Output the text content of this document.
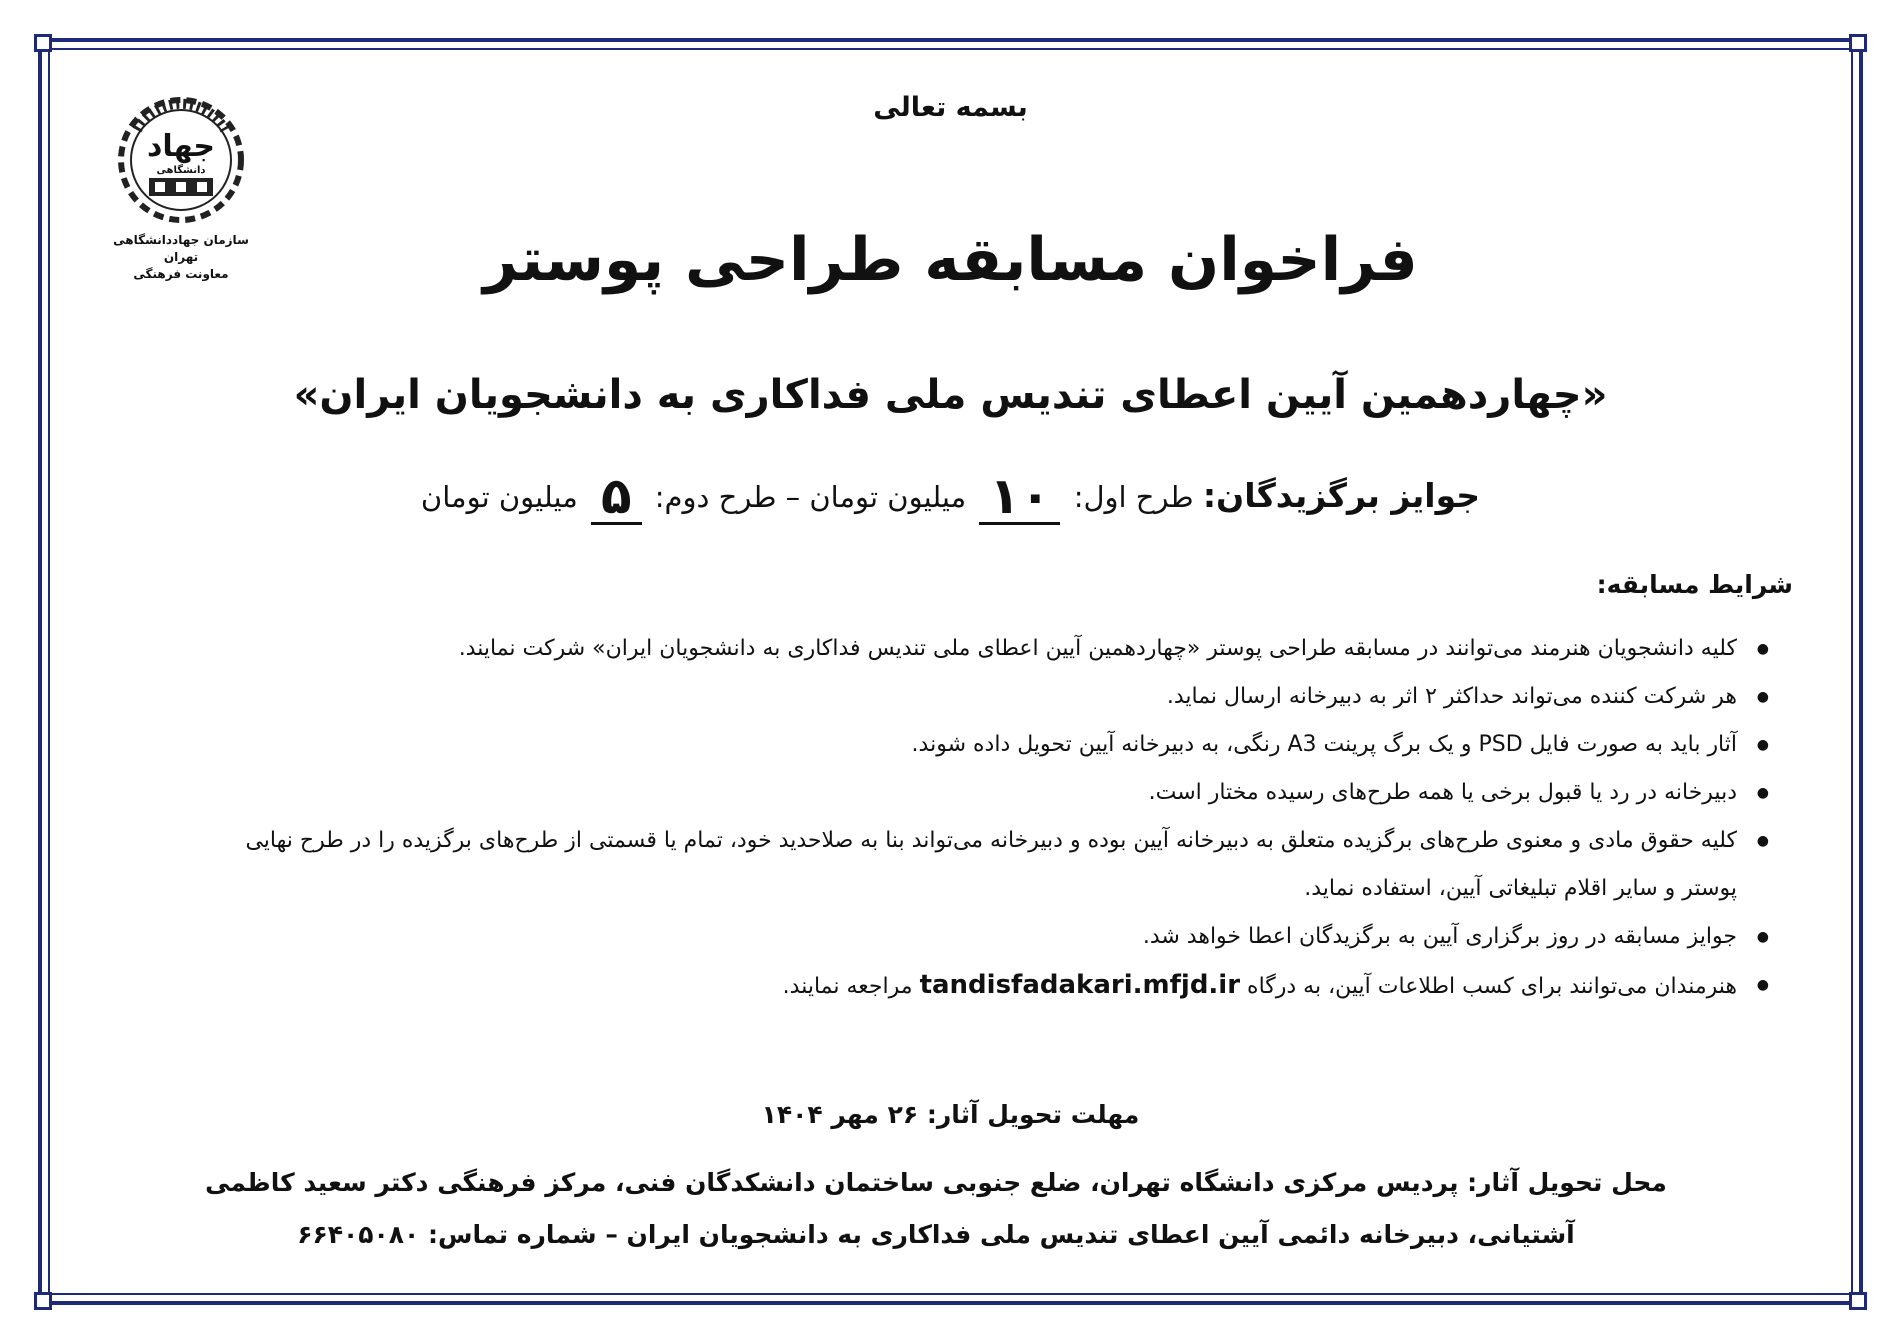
جهاد
دانشگاهی
سازمان جهاددانشگاهی تهران
معاونت فرهنگی
بسمه تعالی
فراخوان مسابقه طراحی پوستر
«چهاردهمین آیین اعطای تندیس ملی فداکاری به دانشجویان ایران»
جوایز برگزیدگان: طرح اول: ۱۰ میلیون تومان – طرح دوم: ۵ میلیون تومان
شرایط مسابقه:
● کلیه دانشجویان هنرمند می‌توانند در مسابقه طراحی پوستر «چهاردهمین آیین اعطای ملی تندیس فداکاری به دانشجویان ایران» شرکت نمایند.
● هر شرکت کننده می‌تواند حداکثر ۲ اثر به دبیرخانه ارسال نماید.
● آثار باید به صورت فایل PSD و یک برگ پرینت A3 رنگی، به دبیرخانه آیین تحویل داده شوند.
● دبیرخانه در رد یا قبول برخی یا همه طرح‌های رسیده مختار است.
● کلیه حقوق مادی و معنوی طرح‌های برگزیده متعلق به دبیرخانه آیین بوده و دبیرخانه می‌تواند بنا به صلاحدید خود، تمام یا قسمتی از طرح‌های برگزیده را در طرح نهایی پوستر و سایر اقلام تبلیغاتی آیین، استفاده نماید.
● جوایز مسابقه در روز برگزاری آیین به برگزیدگان اعطا خواهد شد.
● هنرمندان می‌توانند برای کسب اطلاعات آیین، به درگاه tandisfadakari.mfjd.ir مراجعه نمایند.
مهلت تحویل آثار: ۲۶ مهر ۱۴۰۴
محل تحویل آثار: پردیس مرکزی دانشگاه تهران، ضلع جنوبی ساختمان دانشکدگان فنی، مرکز فرهنگی دکتر سعید کاظمی آشتیانی، دبیرخانه دائمی آیین اعطای تندیس ملی فداکاری به دانشجویان ایران – شماره تماس: ۶۶۴۰۵۰۸۰
